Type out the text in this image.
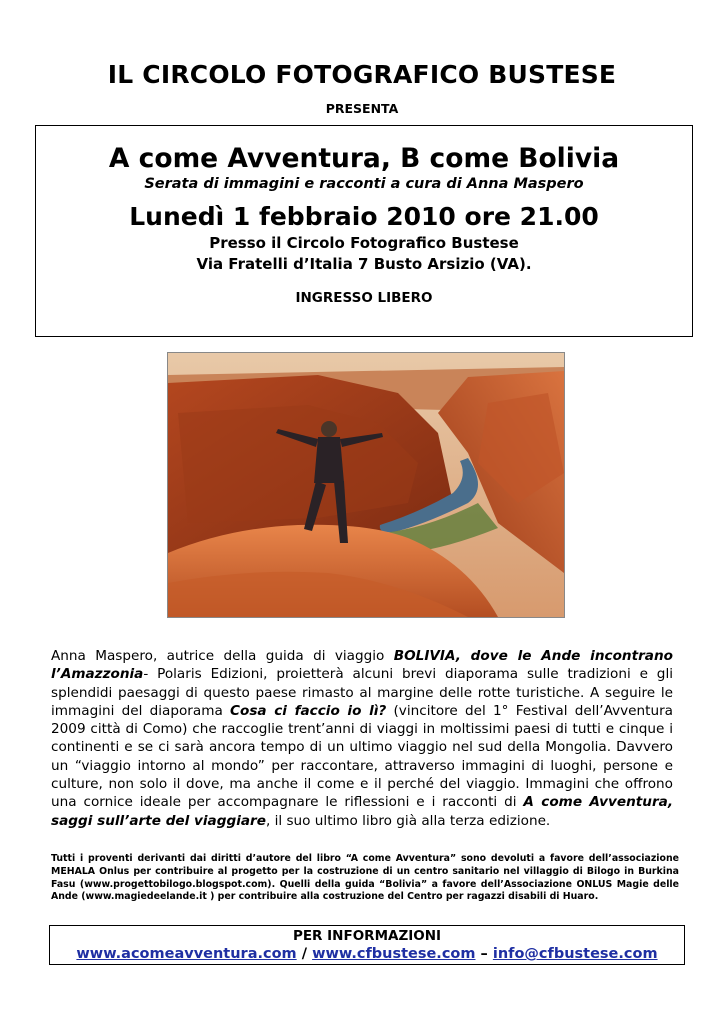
IL CIRCOLO FOTOGRAFICO BUSTESE
PRESENTA
A come Avventura, B come Bolivia
Serata di immagini e racconti a cura di Anna Maspero
Lunedì 1 febbraio 2010 ore 21.00
Presso il Circolo Fotografico Bustese
Via Fratelli d’Italia 7 Busto Arsizio (VA).
INGRESSO LIBERO
Anna Maspero, autrice della guida di viaggio BOLIVIA, dove le Ande incontrano l’Amazzonia- Polaris Edizioni, proietterà alcuni brevi diaporama sulle tradizioni e gli splendidi paesaggi di questo paese rimasto al margine delle rotte turistiche. A seguire le immagini del diaporama Cosa ci faccio io lì? (vincitore del 1° Festival dell’Avventura 2009 città di Como) che raccoglie trent’anni di viaggi in moltissimi paesi di tutti e cinque i continenti e se ci sarà ancora tempo di un ultimo viaggio nel sud della Mongolia. Davvero un “viaggio intorno al mondo” per raccontare, attraverso immagini di luoghi, persone e culture, non solo il dove, ma anche il come e il perché del viaggio. Immagini che offrono una cornice ideale per accompagnare le riflessioni e i racconti di A come Avventura, saggi sull’arte del viaggiare, il suo ultimo libro già alla terza edizione.
Tutti i proventi derivanti dai diritti d’autore del libro “A come Avventura” sono devoluti a favore dell’associazione MEHALA Onlus per contribuire al progetto per la costruzione di un centro sanitario nel villaggio di Bilogo in Burkina Fasu (www.progettobilogo.blogspot.com). Quelli della guida “Bolivia” a favore dell’Associazione ONLUS Magie delle Ande (www.magiedeelande.it ) per contribuire alla costruzione del Centro per ragazzi disabili di Huaro.
PER INFORMAZIONI
www.acomeavventura.com / www.cfbustese.com – info@cfbustese.com
